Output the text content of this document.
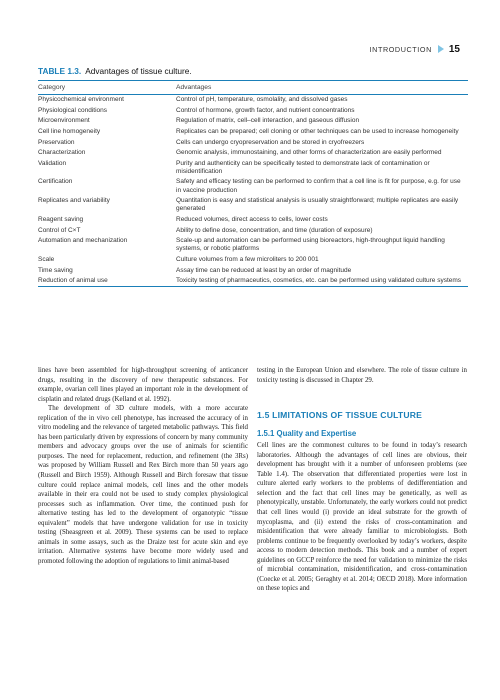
INTRODUCTION 15
TABLE 1.3. Advantages of tissue culture.
Category	Advantages
Physicochemical environment	Control of pH, temperature, osmolality, and dissolved gases
Physiological conditions	Control of hormone, growth factor, and nutrient concentrations
Microenvironment	Regulation of matrix, cell–cell interaction, and gaseous diffusion
Cell line homogeneity	Replicates can be prepared; cell cloning or other techniques can be used to increase homogeneity
Preservation	Cells can undergo cryopreservation and be stored in cryofreezers
Characterization	Genomic analysis, immunostaining, and other forms of characterization are easily performed
Validation	Purity and authenticity can be specifically tested to demonstrate lack of contamination or misidentification
Certification	Safety and efficacy testing can be performed to confirm that a cell line is fit for purpose, e.g. for use in vaccine production
Replicates and variability	Quantitation is easy and statistical analysis is usually straightforward; multiple replicates are easily generated
Reagent saving	Reduced volumes, direct access to cells, lower costs
Control of C×T	Ability to define dose, concentration, and time (duration of exposure)
Automation and mechanization	Scale-up and automation can be performed using bioreactors, high-throughput liquid handling systems, or robotic platforms
Scale	Culture volumes from a few microliters to 200 001
Time saving	Assay time can be reduced at least by an order of magnitude
Reduction of animal use	Toxicity testing of pharmaceutics, cosmetics, etc. can be performed using validated culture systems

lines have been assembled for high-throughput screening of anticancer drugs, resulting in the discovery of new therapeutic substances. For example, ovarian cell lines played an important role in the development of cisplatin and related drugs (Kelland et al. 1992).

The development of 3D culture models, with a more accurate replication of the in vivo cell phenotype, has increased the accuracy of in vitro modeling and the relevance of targeted metabolic pathways. This field has been particularly driven by expressions of concern by many community members and advocacy groups over the use of animals for scientific purposes. The need for replacement, reduction, and refinement (the 3Rs) was proposed by William Russell and Rex Birch more than 50 years ago (Russell and Birch 1959). Although Russell and Birch foresaw that tissue culture could replace animal models, cell lines and the other models available in their era could not be used to study complex physiological processes such as inflammation. Over time, the continued push for alternative testing has led to the development of organotypic “tissue equivalent” models that have undergone validation for use in toxicity testing (Sheasgreen et al. 2009). These systems can be used to replace animals in some assays, such as the Draize test for acute skin and eye irritation. Alternative systems have become more widely used and promoted following the adoption of regulations to limit animal-based

testing in the European Union and elsewhere. The role of tissue culture in toxicity testing is discussed in Chapter 29.

1.5 LIMITATIONS OF TISSUE CULTURE
1.5.1 Quality and Expertise

Cell lines are the commonest cultures to be found in today’s research laboratories. Although the advantages of cell lines are obvious, their development has brought with it a number of unforeseen problems (see Table 1.4). The observation that differentiated properties were lost in culture alerted early workers to the problems of dedifferentiation and selection and the fact that cell lines may be genetically, as well as phenotypically, unstable. Unfortunately, the early workers could not predict that cell lines would (i) provide an ideal substrate for the growth of mycoplasma, and (ii) extend the risks of cross-contamination and misidentification that were already familiar to microbiologists. Both problems continue to be frequently overlooked by today’s workers, despite access to modern detection methods. This book and a number of expert guidelines on GCCP reinforce the need for validation to minimize the risks of microbial contamination, misidentification, and cross-contamination (Coecke et al. 2005; Geraghty et al. 2014; OECD 2018). More information on these topics and
